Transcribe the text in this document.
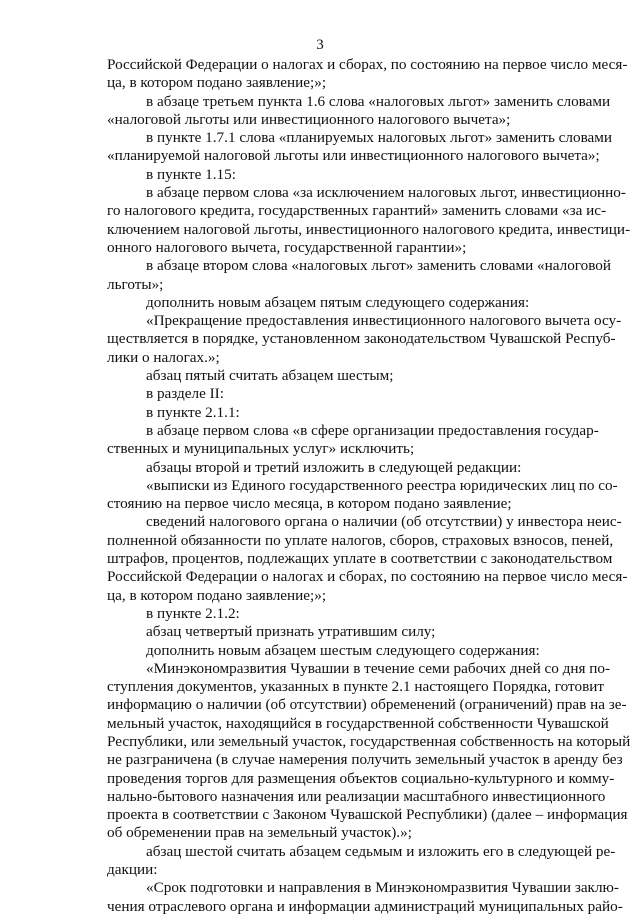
3
Российской Федерации о налогах и сборах, по состоянию на первое число меся-
ца, в котором подано заявление;»;
в абзаце третьем пункта 1.6 слова «налоговых льгот» заменить словами
«налоговой льготы или инвестиционного налогового вычета»;
в пункте 1.7.1 слова «планируемых налоговых льгот» заменить словами
«планируемой налоговой льготы или инвестиционного налогового вычета»;
в пункте 1.15:
в абзаце первом слова «за исключением налоговых льгот, инвестиционно-
го налогового кредита, государственных гарантий» заменить словами «за ис-
ключением налоговой льготы, инвестиционного налогового кредита, инвестици-
онного налогового вычета, государственной гарантии»;
в абзаце втором слова «налоговых льгот» заменить словами «налоговой
льготы»;
дополнить новым абзацем пятым следующего содержания:
«Прекращение предоставления инвестиционного налогового вычета осу-
ществляется в порядке, установленном законодательством Чувашской Респуб-
лики о налогах.»;
абзац пятый считать абзацем шестым;
в разделе II:
в пункте 2.1.1:
в абзаце первом слова «в сфере организации предоставления государ-
ственных и муниципальных услуг» исключить;
абзацы второй и третий изложить в следующей редакции:
«выписки из Единого государственного реестра юридических лиц по со-
стоянию на первое число месяца, в котором подано заявление;
сведений налогового органа о наличии (об отсутствии) у инвестора неис-
полненной обязанности по уплате налогов, сборов, страховых взносов, пеней,
штрафов, процентов, подлежащих уплате в соответствии с законодательством
Российской Федерации о налогах и сборах, по состоянию на первое число меся-
ца, в котором подано заявление;»;
в пункте 2.1.2:
абзац четвертый признать утратившим силу;
дополнить новым абзацем шестым следующего содержания:
«Минэкономразвития Чувашии в течение семи рабочих дней со дня по-
ступления документов, указанных в пункте 2.1 настоящего Порядка, готовит
информацию о наличии (об отсутствии) обременений (ограничений) прав на зе-
мельный участок, находящийся в государственной собственности Чувашской
Республики, или земельный участок, государственная собственность на который
не разграничена (в случае намерения получить земельный участок в аренду без
проведения торгов для размещения объектов социально-культурного и комму-
нально-бытового назначения или реализации масштабного инвестиционного
проекта в соответствии с Законом Чувашской Республики) (далее – информация
об обременении прав на земельный участок).»;
абзац шестой считать абзацем седьмым и изложить его в следующей ре-
дакции:
«Срок подготовки и направления в Минэкономразвития Чувашии заклю-
чения отраслевого органа и информации администраций муниципальных райо-
